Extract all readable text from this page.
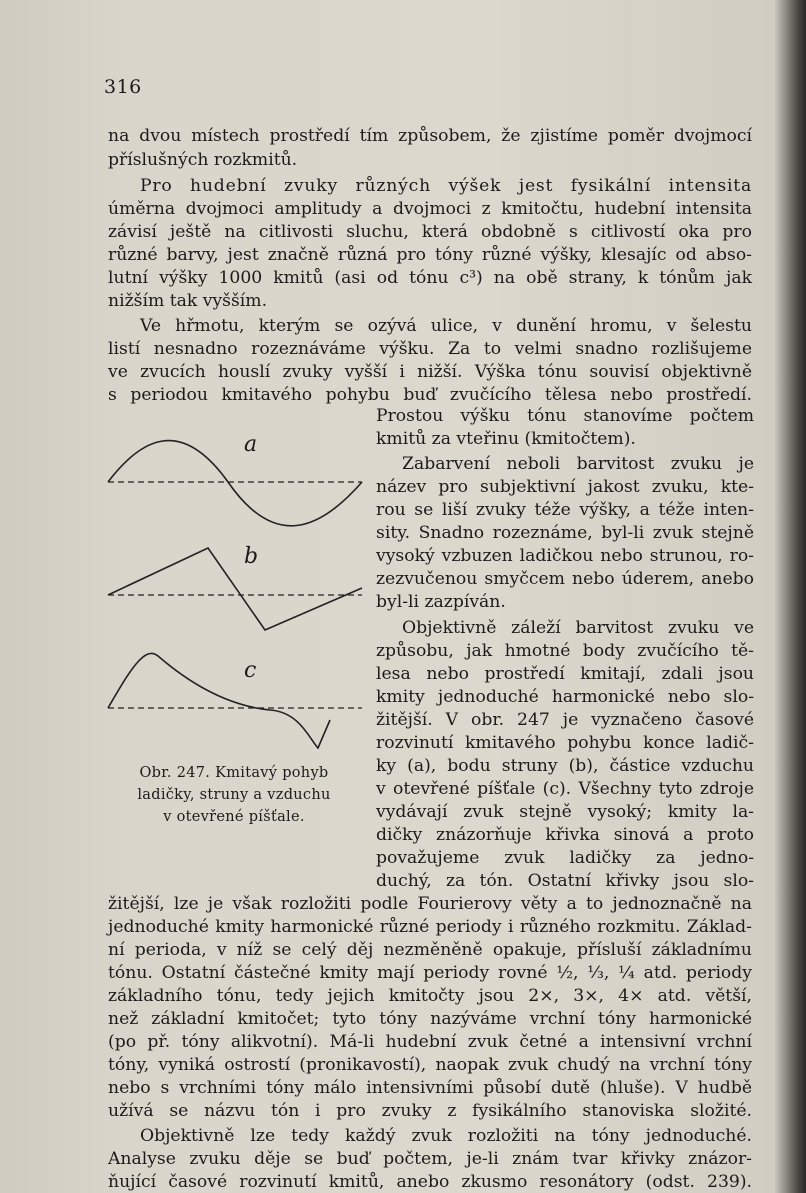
316
na dvou místech prostředí tím způsobem, že zjistíme poměr dvojmocí
příslušných rozkmitů.
Pro hudební zvuky různých výšek jest fysikální intensita
úměrna dvojmoci amplitudy a dvojmoci z kmitočtu, hudební intensita
závisí ještě na citlivosti sluchu, která obdobně s citlivostí oka pro
různé barvy, jest značně různá pro tóny různé výšky, klesajíc od abso-
lutní výšky 1000 kmitů (asi od tónu c³) na obě strany, k tónům jak
nižším tak vyšším.
Ve hřmotu, kterým se ozývá ulice, v dunění hromu, v šelestu
listí nesnadno rozeznáváme výšku. Za to velmi snadno rozlišujeme
ve zvucích houslí zvuky vyšší i nižší. Výška tónu souvisí objektivně
s periodou kmitavého pohybu buď zvučícího tělesa nebo prostředí.
Prostou výšku tónu stanovíme počtem
kmitů za vteřinu (kmitočtem).
Zabarvení neboli barvitost zvuku je
název pro subjektivní jakost zvuku, kte-
rou se liší zvuky téže výšky, a téže inten-
sity. Snadno rozeznáme, byl-li zvuk stejně
vysoký vzbuzen ladičkou nebo strunou, ro-
zezvučenou smyčcem nebo úderem, anebo
byl-li zazpíván.
Objektivně záleží barvitost zvuku ve
způsobu, jak hmotné body zvučícího tě-
lesa nebo prostředí kmitají, zdali jsou
kmity jednoduché harmonické nebo slo-
žitější. V obr. 247 je vyznačeno časové
rozvinutí kmitavého pohybu konce ladič-
ky (a), bodu struny (b), částice vzduchu
v otevřené píšťale (c). Všechny tyto zdroje
vydávají zvuk stejně vysoký; kmity la-
dičky znázorňuje křivka sinová a proto
považujeme zvuk ladičky za jedno-
duchý, za tón. Ostatní křivky jsou slo-
a
b
c
Obr. 247. Kmitavý pohyb
ladičky, struny a vzduchu
v otevřené píšťale.
žitější, lze je však rozložiti podle Fourierovy věty a to jednoznačně na
jednoduché kmity harmonické různé periody i různého rozkmitu. Základ-
ní perioda, v níž se celý děj nezměněně opakuje, přísluší základnímu
tónu. Ostatní částečné kmity mají periody rovné ½, ⅓, ¼ atd. periody
základního tónu, tedy jejich kmitočty jsou 2×, 3×, 4× atd. větší,
než základní kmitočet; tyto tóny nazýváme vrchní tóny harmonické
(po př. tóny alikvotní). Má-li hudební zvuk četné a intensivní vrchní
tóny, vyniká ostrostí (pronikavostí), naopak zvuk chudý na vrchní tóny
nebo s vrchními tóny málo intensivními působí dutě (hluše). V hudbě
užívá se názvu tón i pro zvuky z fysikálního stanoviska složité.
Objektivně lze tedy každý zvuk rozložiti na tóny jednoduché.
Analyse zvuku děje se buď počtem, je-li znám tvar křivky znázor-
ňující časové rozvinutí kmitů, anebo zkusmo resonátory (odst. 239).
